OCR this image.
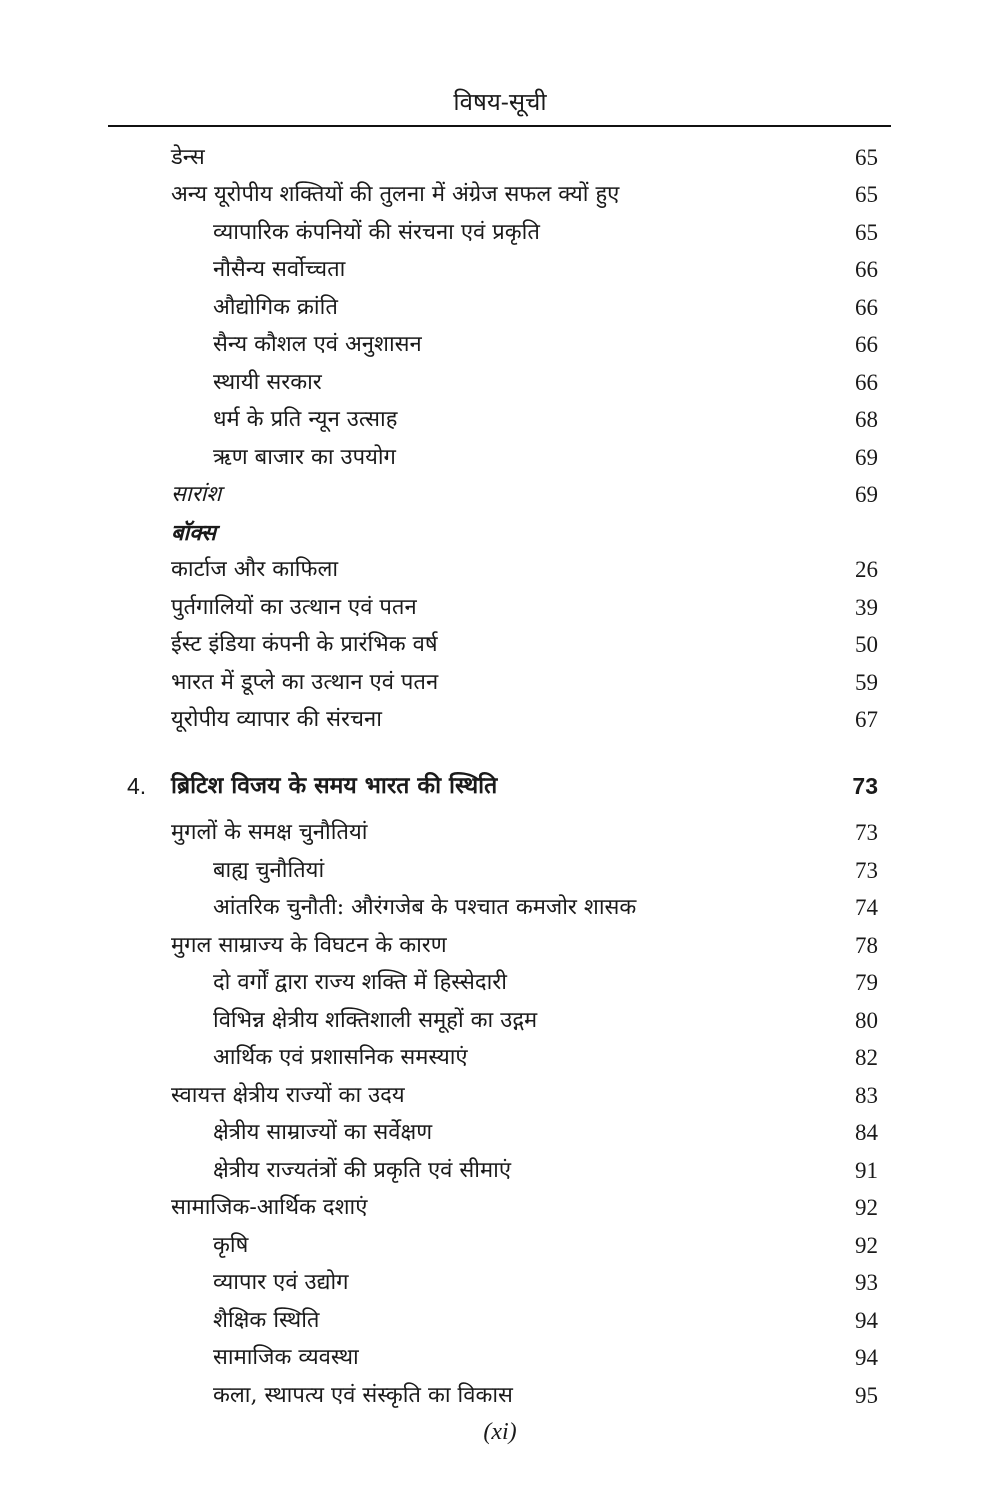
विषय-सूची
डेन्स	65
अन्य यूरोपीय शक्तियों की तुलना में अंग्रेज सफल क्यों हुए	65
व्यापारिक कंपनियों की संरचना एवं प्रकृति	65
नौसैन्य सर्वोच्चता	66
औद्योगिक क्रांति	66
सैन्य कौशल एवं अनुशासन	66
स्थायी सरकार	66
धर्म के प्रति न्यून उत्साह	68
ऋण बाजार का उपयोग	69
सारांश	69
बॉक्स
कार्टाज और काफिला	26
पुर्तगालियों का उत्थान एवं पतन	39
ईस्ट इंडिया कंपनी के प्रारंभिक वर्ष	50
भारत में डूप्ले का उत्थान एवं पतन	59
यूरोपीय व्यापार की संरचना	67
4. ब्रिटिश विजय के समय भारत की स्थिति	73
मुगलों के समक्ष चुनौतियां	73
बाह्य चुनौतियां	73
आंतरिक चुनौती: औरंगजेब के पश्चात कमजोर शासक	74
मुगल साम्राज्य के विघटन के कारण	78
दो वर्गों द्वारा राज्य शक्ति में हिस्सेदारी	79
विभिन्न क्षेत्रीय शक्तिशाली समूहों का उद्गम	80
आर्थिक एवं प्रशासनिक समस्याएं	82
स्वायत्त क्षेत्रीय राज्यों का उदय	83
क्षेत्रीय साम्राज्यों का सर्वेक्षण	84
क्षेत्रीय राज्यतंत्रों की प्रकृति एवं सीमाएं	91
सामाजिक-आर्थिक दशाएं	92
कृषि	92
व्यापार एवं उद्योग	93
शैक्षिक स्थिति	94
सामाजिक व्यवस्था	94
कला, स्थापत्य एवं संस्कृति का विकास	95
(xi)
